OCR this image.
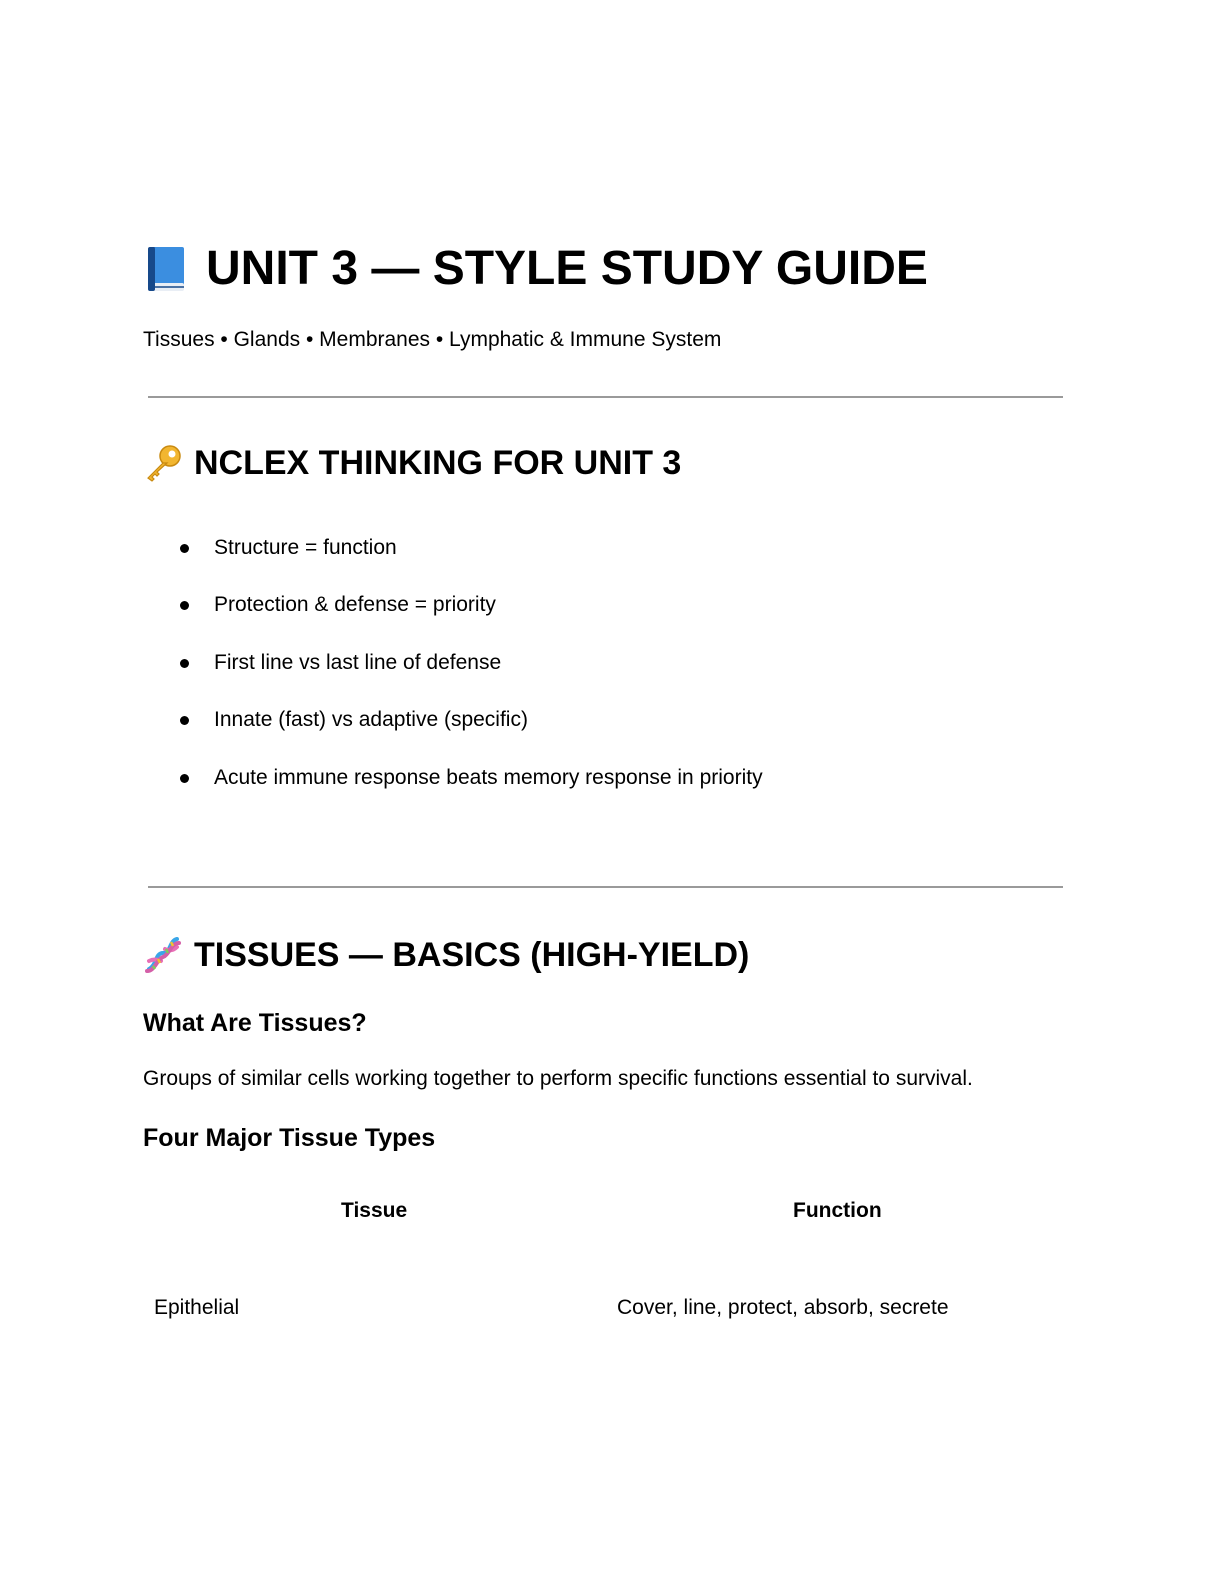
UNIT 3 — STYLE STUDY GUIDE
Tissues • Glands • Membranes • Lymphatic & Immune System
NCLEX THINKING FOR UNIT 3
Structure = function
Protection & defense = priority
First line vs last line of defense
Innate (fast) vs adaptive (specific)
Acute immune response beats memory response in priority
TISSUES — BASICS (HIGH-YIELD)
What Are Tissues?
Groups of similar cells working together to perform specific functions essential to survival.
Four Major Tissue Types
Tissue	Function
Epithelial	Cover, line, protect, absorb, secrete
